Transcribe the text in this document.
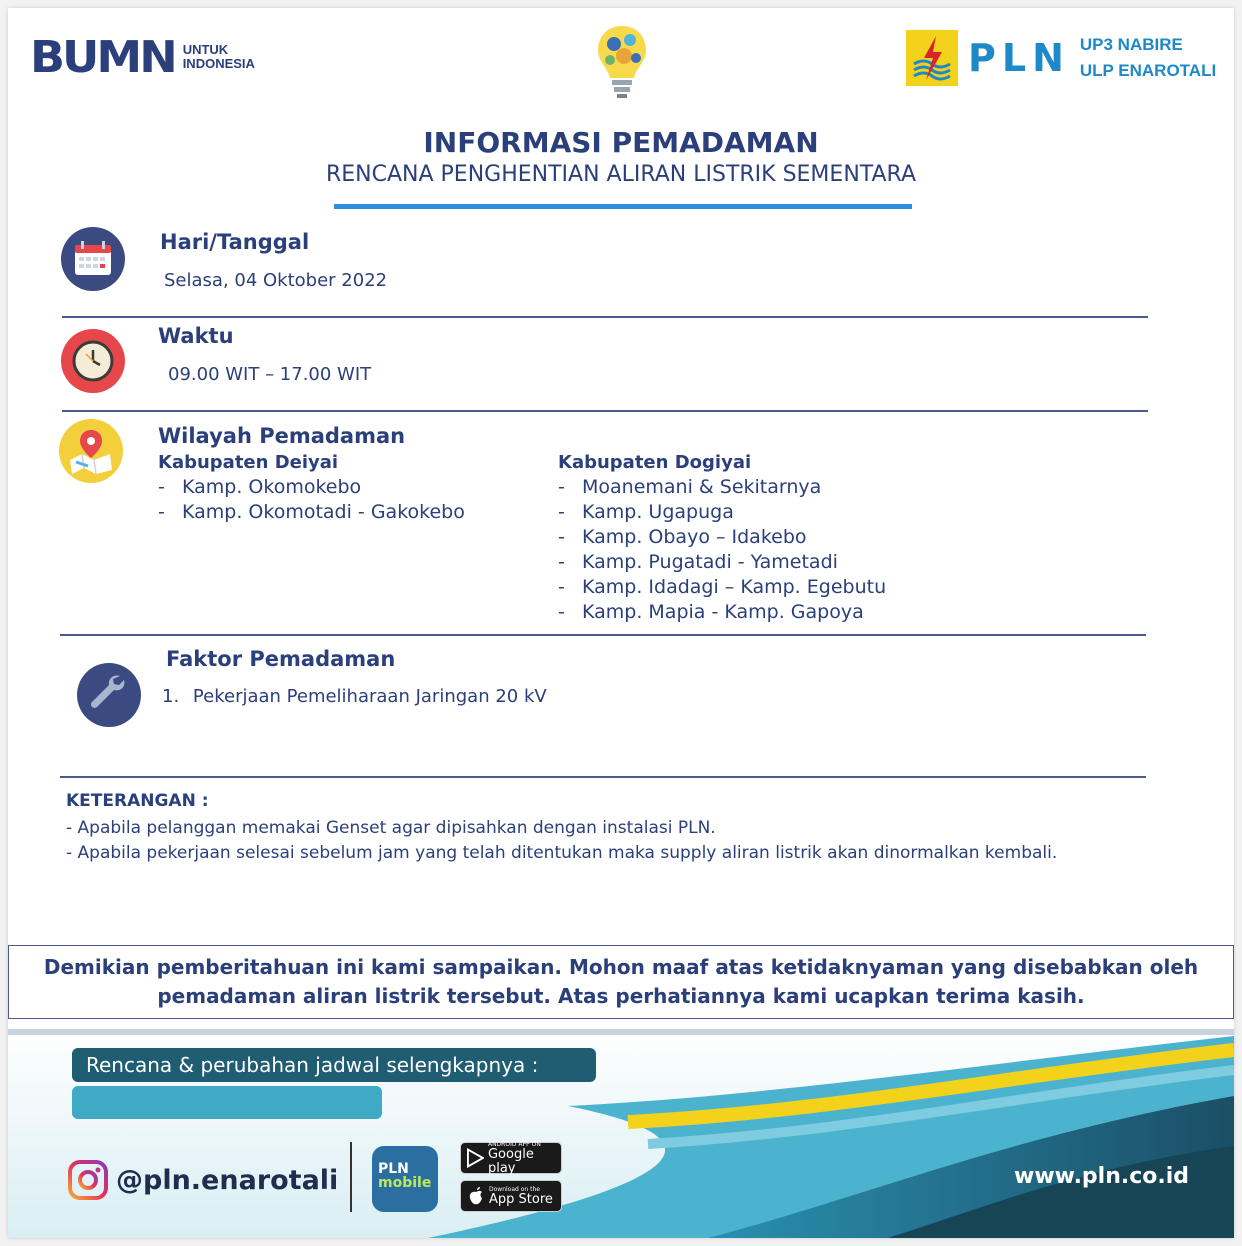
BUMN UNTUK
INDONESIA	PLN UP3 NABIRE
ULP ENAROTALI
INFORMASI PEMADAMAN
RENCANA PENGHENTIAN ALIRAN LISTRIK SEMENTARA
Hari/Tanggal
Selasa, 04 Oktober 2022
Waktu
09.00 WIT – 17.00 WIT
Wilayah Pemadaman
Kabupaten Deiyai
- Kamp. Okomokebo
- Kamp. Okomotadi - Gakokebo
Kabupaten Dogiyai
- Moanemani & Sekitarnya
- Kamp. Ugapuga
- Kamp. Obayo – Idakebo
- Kamp. Pugatadi - Yametadi
- Kamp. Idadagi – Kamp. Egebutu
- Kamp. Mapia - Kamp. Gapoya
Faktor Pemadaman
1. Pekerjaan Pemeliharaan Jaringan 20 kV
KETERANGAN :
- Apabila pelanggan memakai Genset agar dipisahkan dengan instalasi PLN.
- Apabila pekerjaan selesai sebelum jam yang telah ditentukan maka supply aliran listrik akan dinormalkan kembali.
Demikian pemberitahuan ini kami sampaikan. Mohon maaf atas ketidaknyaman yang disebabkan oleh
pemadaman aliran listrik tersebut. Atas perhatiannya kami ucapkan terima kasih.
Rencana & perubahan jadwal selengkapnya :
@pln.enarotali	PLN
mobile
ANDROID APP ON
Google play
Download on the
App Store
www.pln.co.id
